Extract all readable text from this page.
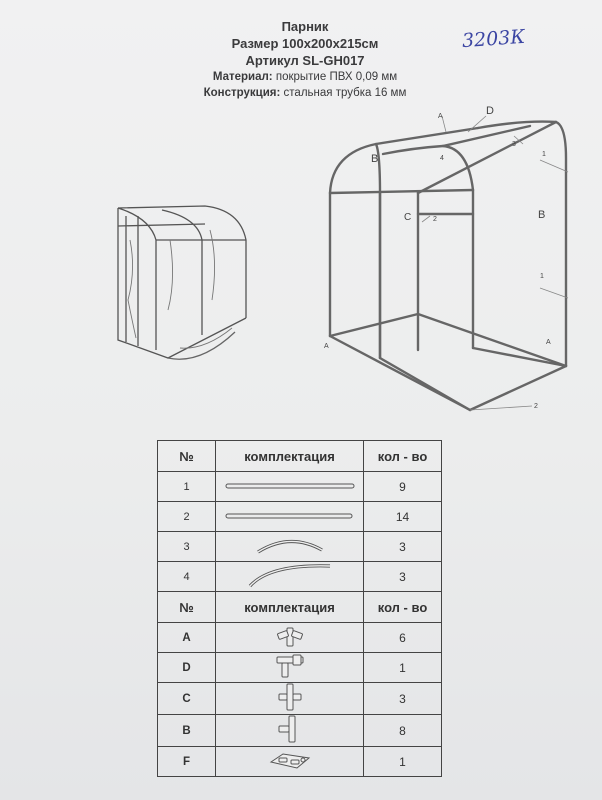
Парник
Размер 100х200х215см
Артикул SL-GH017
Материал: покрытие ПВХ 0,09 мм
Конструкция: стальная трубка 16 мм
3203К
A	D
3
1
B	4
B
C	2
1
A
A
2
№	комплектация	кол - во
1		9
2		14
3		3
4		3
№	комплектация	кол - во
A		6
D		1
C		3
B		8
F		1
